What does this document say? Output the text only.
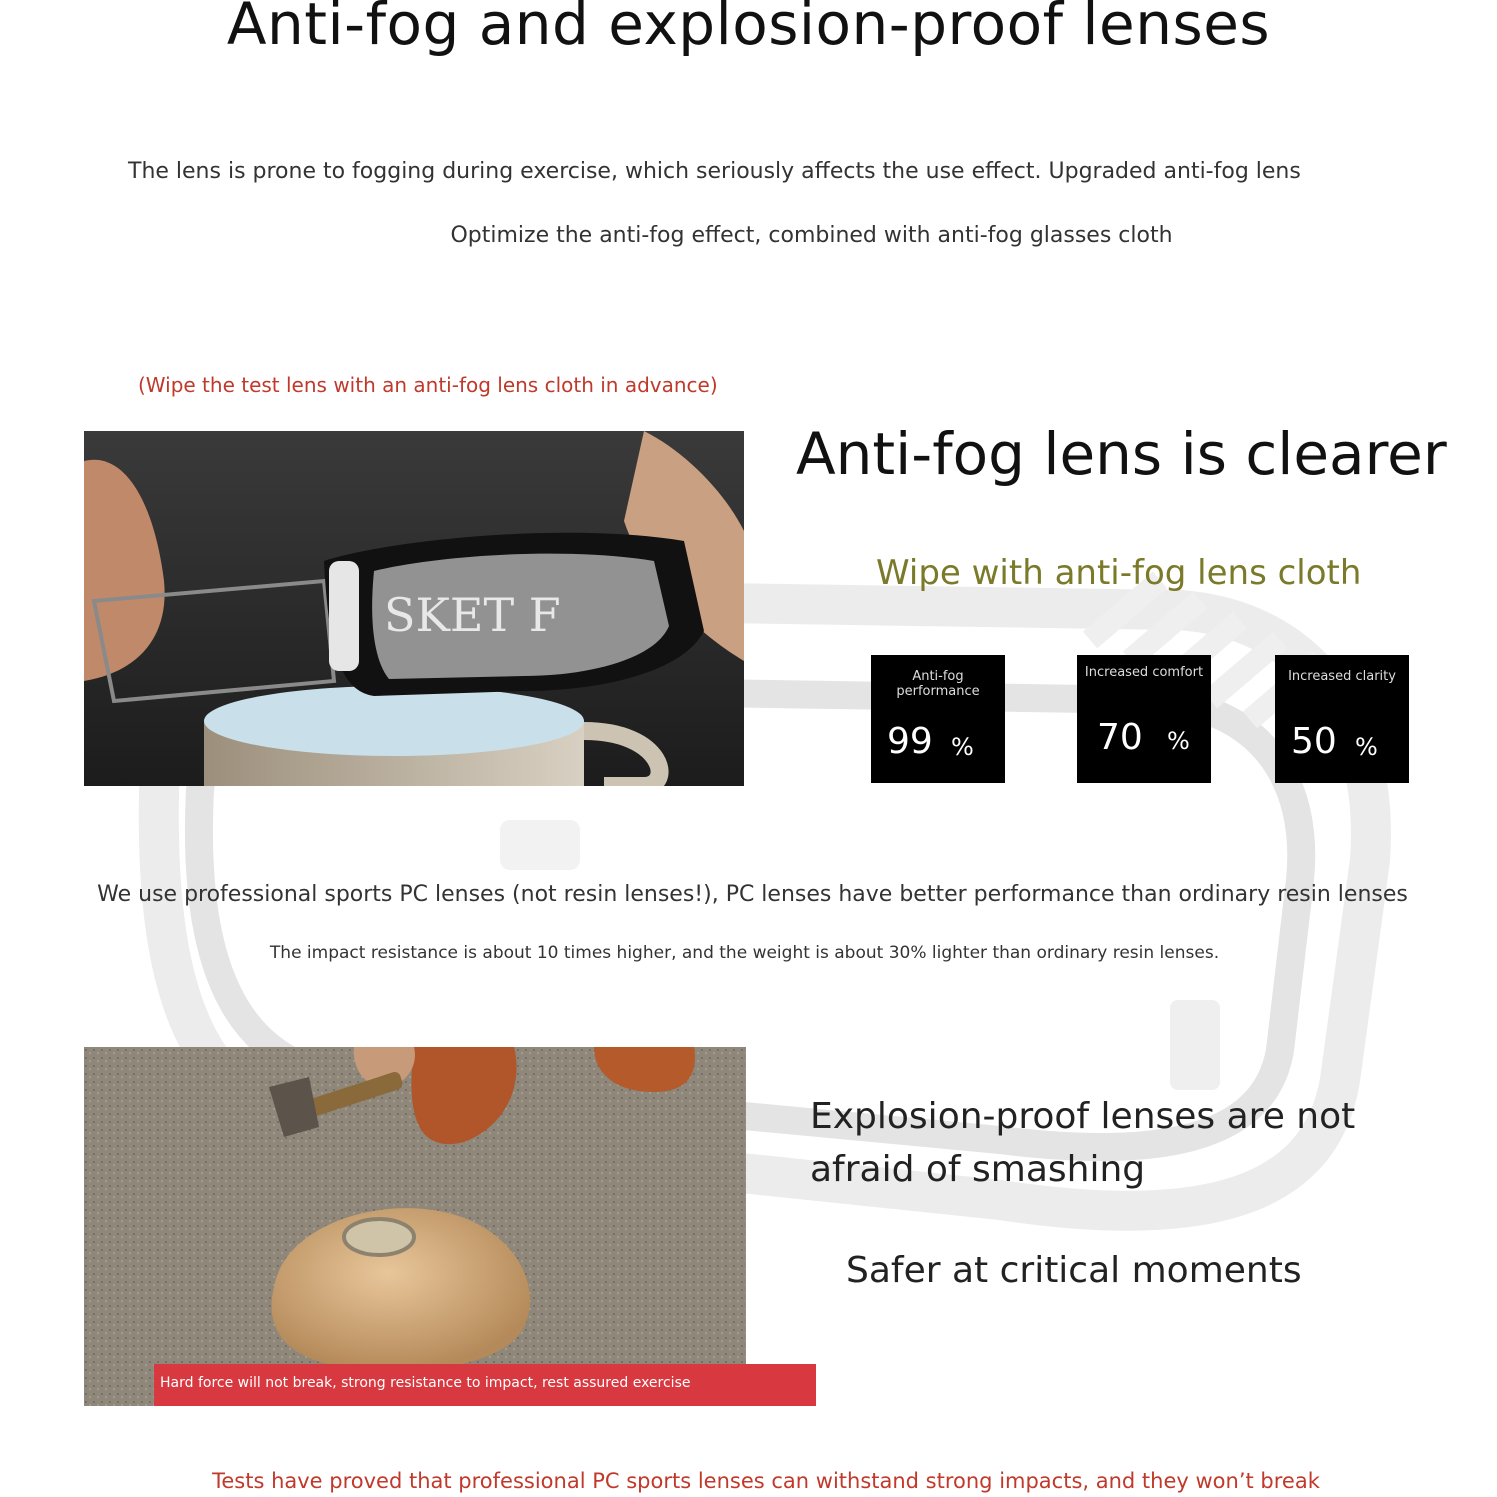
Anti-fog and explosion-proof lenses
The lens is prone to fogging during exercise, which seriously affects the use effect. Upgraded anti-fog lens
Optimize the anti-fog effect, combined with anti-fog glasses cloth
(Wipe the test lens with an anti-fog lens cloth in advance)
SKET F
Anti-fog lens is clearer
Wipe with anti-fog lens cloth
Anti-fog performance
99 %
Increased comfort
70 %
Increased clarity
50 %
We use professional sports PC lenses (not resin lenses!), PC lenses have better performance than ordinary resin lenses
The impact resistance is about 10 times higher, and the weight is about 30% lighter than ordinary resin lenses.
Hard force will not break, strong resistance to impact, rest assured exercise
Explosion-proof lenses are not afraid of smashing
Safer at critical moments
Tests have proved that professional PC sports lenses can withstand strong impacts, and they won’t break
